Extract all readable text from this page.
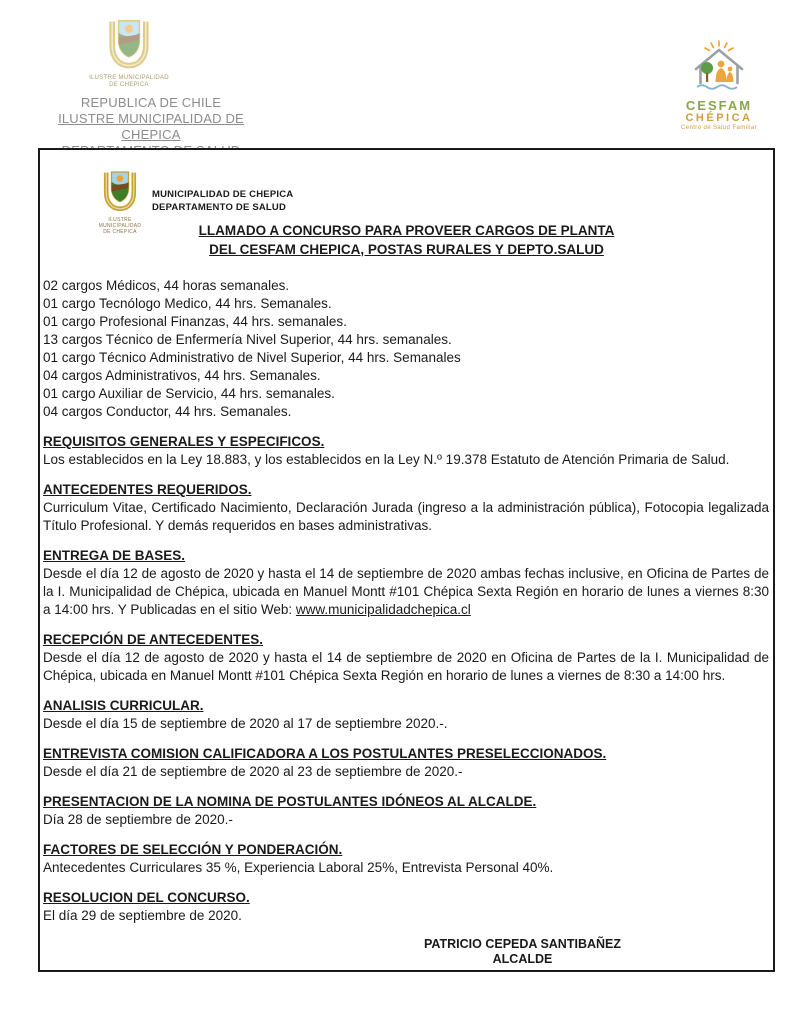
ILUSTRE MUNICIPALIDAD
DE CHEPICA
REPUBLICA DE CHILE
ILUSTRE MUNICIPALIDAD DE CHEPICA
CESFAM
CHÉPICA
Centro de Salud Familiar
ILUSTRE MUNICIPALIDAD
DE CHEPICA
MUNICIPALIDAD DE CHEPICA
DEPARTAMENTO DE SALUD
LLAMADO A CONCURSO PARA PROVEER CARGOS DE PLANTA
DEL CESFAM CHEPICA, POSTAS RURALES Y DEPTO.SALUD
02 cargos Médicos, 44 horas semanales.
01 cargo Tecnólogo Medico, 44 hrs. Semanales.
01 cargo Profesional Finanzas, 44 hrs. semanales.
13 cargos Técnico de Enfermería Nivel Superior, 44 hrs. semanales.
01 cargo Técnico Administrativo de Nivel Superior, 44 hrs. Semanales
04 cargos Administrativos, 44 hrs. Semanales.
01 cargo Auxiliar de Servicio, 44 hrs. semanales.
04 cargos Conductor, 44 hrs. Semanales.
REQUISITOS GENERALES Y ESPECIFICOS.
Los establecidos en la Ley 18.883, y los establecidos en la Ley N.º 19.378 Estatuto de Atención Primaria de Salud.
ANTECEDENTES REQUERIDOS.
Curriculum Vitae, Certificado Nacimiento, Declaración Jurada (ingreso a la administración pública), Fotocopia legalizada Título Profesional. Y demás requeridos en bases administrativas.
ENTREGA DE BASES.
Desde el día 12 de agosto de 2020 y hasta el 14 de septiembre de 2020 ambas fechas inclusive, en Oficina de Partes de la I. Municipalidad de Chépica, ubicada en Manuel Montt #101 Chépica Sexta Región en horario de lunes a viernes 8:30 a 14:00 hrs. Y Publicadas en el sitio Web: www.municipalidadchepica.cl
RECEPCIÓN DE ANTECEDENTES.
Desde el día 12 de agosto de 2020 y hasta el 14 de septiembre de 2020 en Oficina de Partes de la I. Municipalidad de Chépica, ubicada en Manuel Montt #101 Chépica Sexta Región en horario de lunes a viernes de 8:30 a 14:00 hrs.
ANALISIS CURRICULAR.
Desde el día 15 de septiembre de 2020 al 17 de septiembre 2020.-.
ENTREVISTA COMISION CALIFICADORA A LOS POSTULANTES PRESELECCIONADOS.
Desde el día 21 de septiembre de 2020 al 23 de septiembre de 2020.-
PRESENTACION DE LA NOMINA DE POSTULANTES IDÓNEOS AL ALCALDE.
Día 28 de septiembre de 2020.-
FACTORES DE SELECCIÓN Y PONDERACIÓN.
Antecedentes Curriculares 35 %, Experiencia Laboral 25%, Entrevista Personal 40%.
RESOLUCION DEL CONCURSO.
El día 29 de septiembre de 2020.
PATRICIO CEPEDA SANTIBAÑEZ
ALCALDE
